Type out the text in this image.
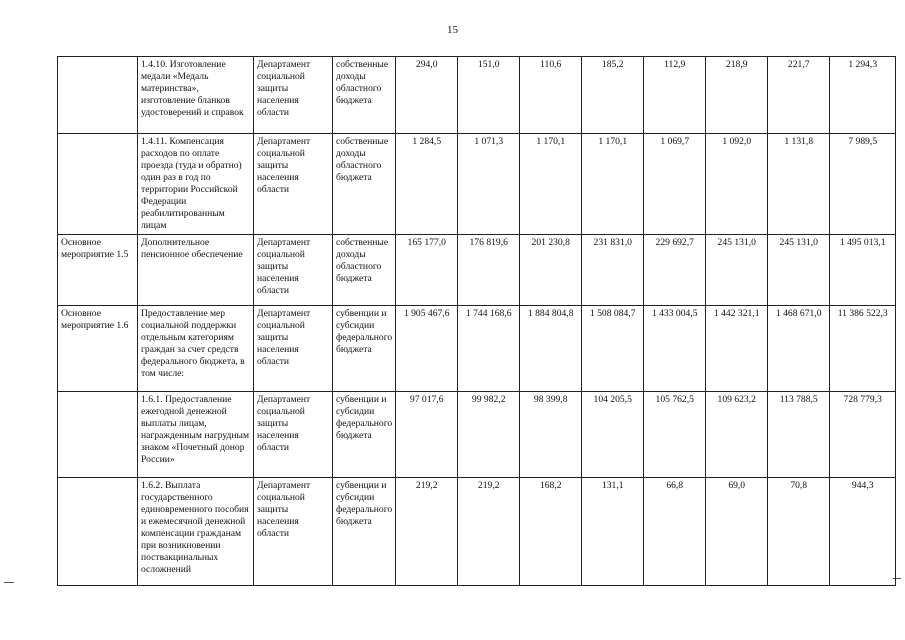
15
	1.4.10. Изготовление медали «Медаль материнства», изготовление бланков удостоверений и справок	Департамент социальной защиты населения области	собственные доходы областного бюджета	294,0	151,0	110,6	185,2	112,9	218,9	221,7	1 294,3
	1.4.11. Компенсация расходов по оплате проезда (туда и обратно) один раз в год по территории Российской Федерации реабилитированным лицам	Департамент социальной защиты населения области	собственные доходы областного бюджета	1 284,5	1 071,3	1 170,1	1 170,1	1 069,7	1 092,0	1 131,8	7 989,5
Основное мероприятие 1.5	Дополнительное пенсионное обеспечение	Департамент социальной защиты населения области	собственные доходы областного бюджета	165 177,0	176 819,6	201 230,8	231 831,0	229 692,7	245 131,0	245 131,0	1 495 013,1
Основное мероприятие 1.6	Предоставление мер социальной поддержки отдельным категориям граждан за счет средств федерального бюджета, в том числе:	Департамент социальной защиты населения области	субвенции и субсидии федерального бюджета	1 905 467,6	1 744 168,6	1 884 804,8	1 508 084,7	1 433 004,5	1 442 321,1	1 468 671,0	11 386 522,3
	1.6.1. Предоставление ежегодной денежной выплаты лицам, награжденным нагрудным знаком «Почетный донор России»	Департамент социальной защиты населения области	субвенции и субсидии федерального бюджета	97 017,6	99 982,2	98 399,8	104 205,5	105 762,5	109 623,2	113 788,5	728 779,3
	1.6.2. Выплата государственного единовременного пособия и ежемесячной денежной компенсации гражданам при возникновении поствакцинальных осложнений	Департамент социальной защиты населения области	субвенции и субсидии федерального бюджета	219,2	219,2	168,2	131,1	66,8	69,0	70,8	944,3
